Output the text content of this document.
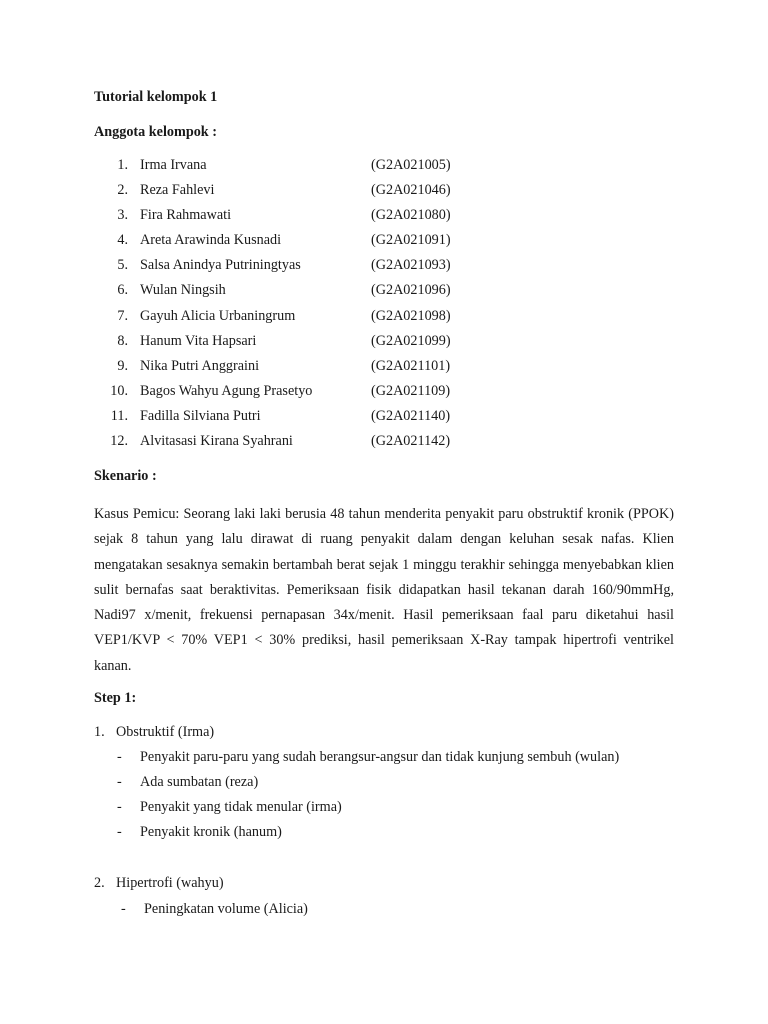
Tutorial kelompok 1
Anggota kelompok :
1. Irma Irvana	(G2A021005)
2. Reza Fahlevi	(G2A021046)
3. Fira Rahmawati	(G2A021080)
4. Areta Arawinda Kusnadi	(G2A021091)
5. Salsa Anindya Putriningtyas	(G2A021093)
6. Wulan Ningsih	(G2A021096)
7. Gayuh Alicia Urbaningrum	(G2A021098)
8. Hanum Vita Hapsari	(G2A021099)
9. Nika Putri Anggraini	(G2A021101)
10. Bagos Wahyu Agung Prasetyo	(G2A021109)
11. Fadilla Silviana Putri	(G2A021140)
12. Alvitasasi Kirana Syahrani	(G2A021142)
Skenario :
Kasus Pemicu: Seorang laki laki berusia 48 tahun menderita penyakit paru obstruktif kronik (PPOK) sejak 8 tahun yang lalu dirawat di ruang penyakit dalam dengan keluhan sesak nafas. Klien mengatakan sesaknya semakin bertambah berat sejak 1 minggu terakhir sehingga menyebabkan klien sulit bernafas saat beraktivitas. Pemeriksaan fisik didapatkan hasil tekanan darah 160/90mmHg, Nadi97 x/menit, frekuensi pernapasan 34x/menit. Hasil pemeriksaan faal paru diketahui hasil VEP1/KVP < 70% VEP1 < 30% prediksi, hasil pemeriksaan X-Ray tampak hipertrofi ventrikel kanan.
Step 1:
1. Obstruktif (Irma)
- Penyakit paru-paru yang sudah berangsur-angsur dan tidak kunjung sembuh (wulan)
- Ada sumbatan (reza)
- Penyakit yang tidak menular (irma)
- Penyakit kronik (hanum)
2. Hipertrofi (wahyu)
- Peningkatan volume (Alicia)
